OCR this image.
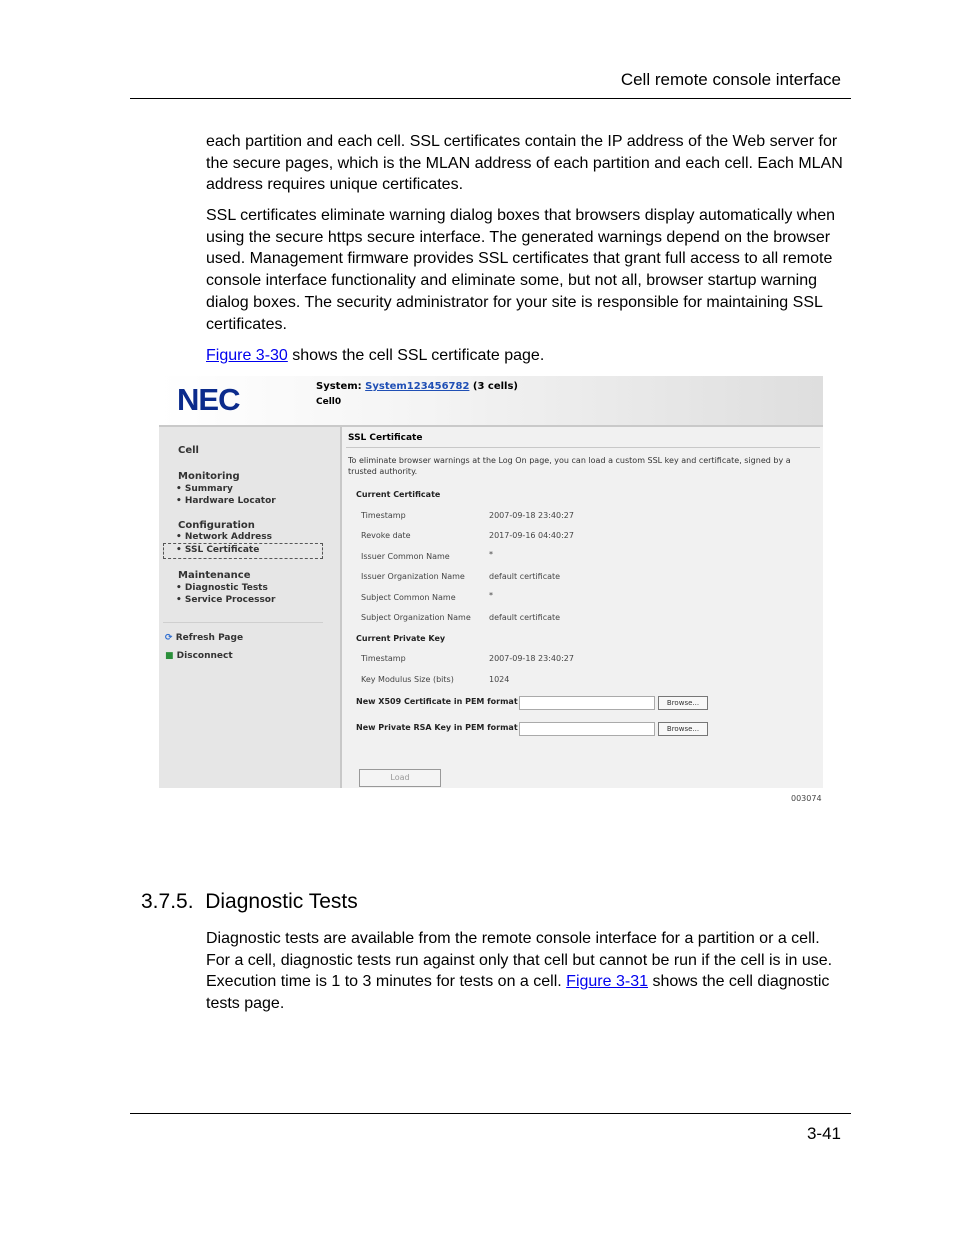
Cell remote console interface

each partition and each cell. SSL certificates contain the IP address of the Web server for the secure pages, which is the MLAN address of each partition and each cell. Each MLAN address requires unique certificates.

SSL certificates eliminate warning dialog boxes that browsers display automatically when using the secure https secure interface. The generated warnings depend on the browser used. Management firmware provides SSL certificates that grant full access to all remote console interface functionality and eliminate some, but not all, browser startup warning dialog boxes. The security administrator for your site is responsible for maintaining SSL certificates.

Figure 3-30 shows the cell SSL certificate page.

NEC	System: System123456782 (3 cells)
Cell0
Cell
Monitoring
• Summary
• Hardware Locator
Configuration
• Network Address
• SSL Certificate
Maintenance
• Diagnostic Tests
• Service Processor
⟳ Refresh Page
■ Disconnect
SSL Certificate
To eliminate browser warnings at the Log On page, you can load a custom SSL key and certificate, signed by a trusted authority.
Current Certificate
Timestamp	2007-09-18 23:40:27
Revoke date	2017-09-16 04:40:27
Issuer Common Name	*
Issuer Organization Name	default certificate
Subject Common Name	*
Subject Organization Name default certificate
Current Private Key
Timestamp	2007-09-18 23:40:27
Key Modulus Size (bits)	1024
New X509 Certificate in PEM format	Browse...
New Private RSA Key in PEM format	Browse...
Load
003074
3.7.5.  Diagnostic Tests

Diagnostic tests are available from the remote console interface for a partition or a cell. For a cell, diagnostic tests run against only that cell but cannot be run if the cell is in use. Execution time is 1 to 3 minutes for tests on a cell. Figure 3-31 shows the cell diagnostic tests page.

3-41
